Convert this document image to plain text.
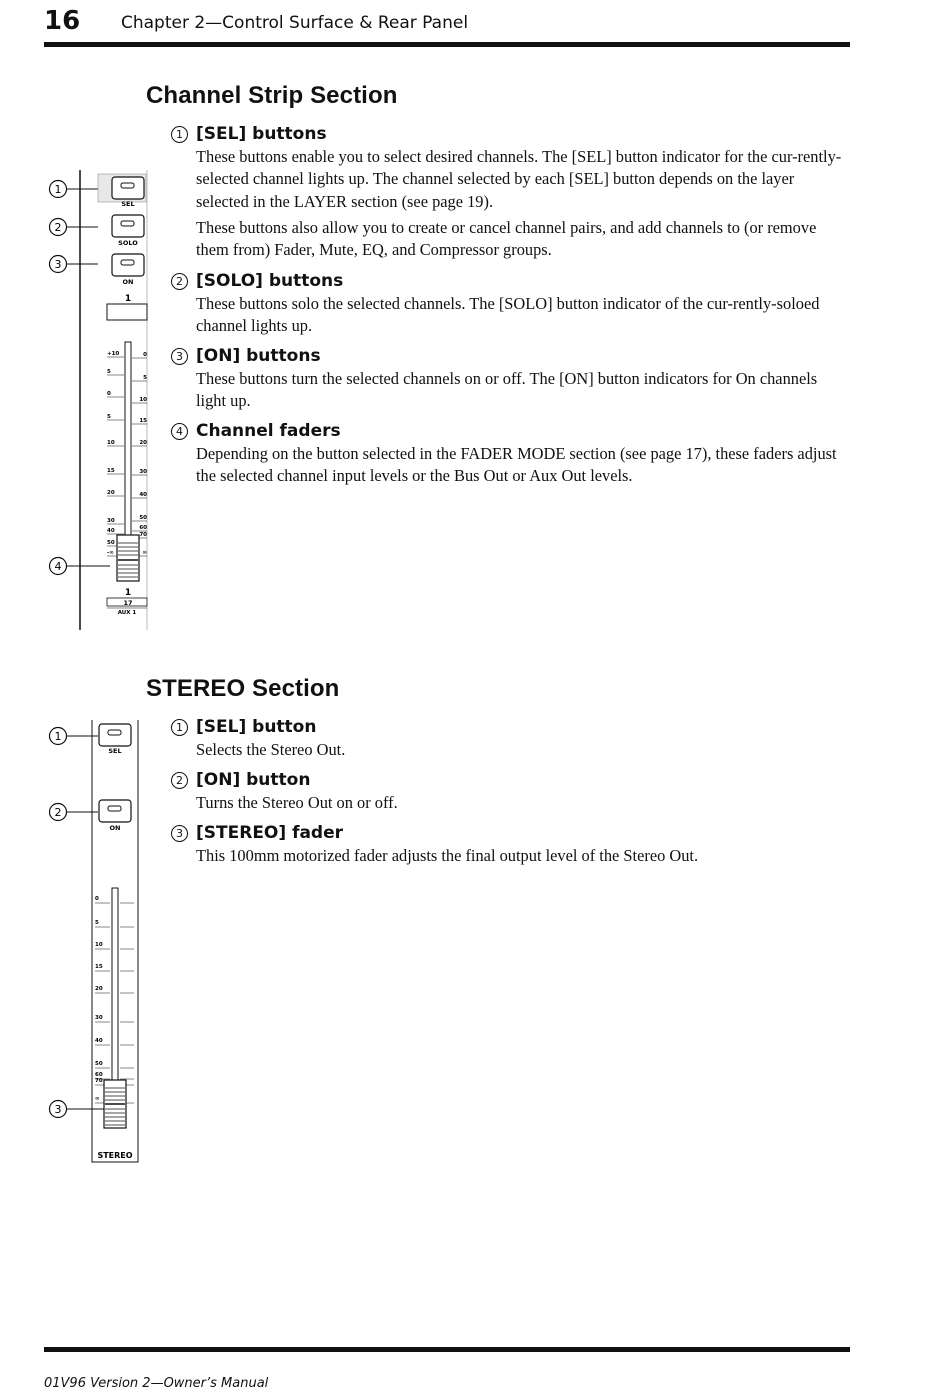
16 Chapter 2—Control Surface & Rear Panel
Channel Strip Section
1 [SEL] buttons

These buttons enable you to select desired channels. The [SEL] button indicator for the cur-rently-selected channel lights up. The channel selected by each [SEL] button depends on the layer selected in the LAYER section (see page 19).

These buttons also allow you to create or cancel channel pairs, and add channels to (or remove them from) Fader, Mute, EQ, and Compressor groups.

2 [SOLO] buttons

These buttons solo the selected channels. The [SOLO] button indicator of the cur-rently-soloed channel lights up.

3 [ON] buttons

These buttons turn the selected channels on or off. The [ON] button indicators for On channels light up.

4 Channel faders

Depending on the button selected in the FADER MODE section (see page 17), these faders adjust the selected channel input levels or the Bus Out or Aux Out levels.

1
2
3
4
SEL
SOLO
ON
1
+10
5
0
5
10
15
20
30
40
50
-∞
0
5
10
15
20
30
40
50
60
70
∞
1
17
AUX 1
STEREO Section
1 [SEL] button

Selects the Stereo Out.

2 [ON] button

Turns the Stereo Out on or off.

3 [STEREO] fader

This 100mm motorized fader adjusts the final output level of the Stereo Out.

1
2
3
SEL
ON
0
5
10
15
20
30
40
50
60
70
∞
STEREO
01V96 Version 2—Owner’s Manual
